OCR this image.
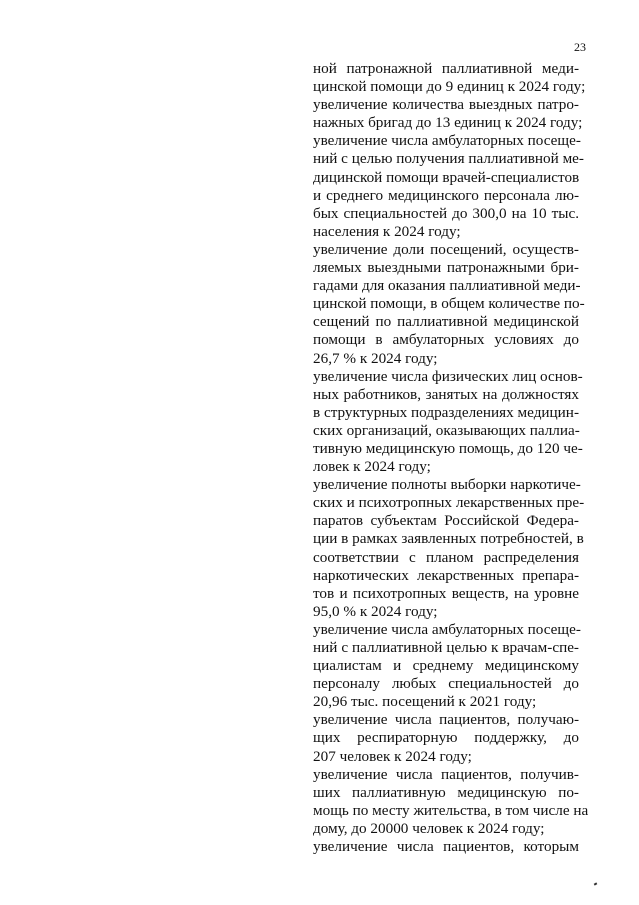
23
ной патронажной паллиативной меди-
цинской помощи до 9 единиц к 2024 году;
увеличение количества выездных патро-
нажных бригад до 13 единиц к 2024 году;
увеличение числа амбулаторных посеще-
ний с целью получения паллиативной ме-
дицинской помощи врачей-специалистов
и среднего медицинского персонала лю-
бых специальностей до 300,0 на 10 тыс.
населения к 2024 году;
увеличение доли посещений, осуществ-
ляемых выездными патронажными бри-
гадами для оказания паллиативной меди-
цинской помощи, в общем количестве по-
сещений по паллиативной медицинской
помощи в амбулаторных условиях до
26,7 % к 2024 году;
увеличение числа физических лиц основ-
ных работников, занятых на должностях
в структурных подразделениях медицин-
ских организаций, оказывающих паллиа-
тивную медицинскую помощь, до 120 че-
ловек к 2024 году;
увеличение полноты выборки наркотиче-
ских и психотропных лекарственных пре-
паратов субъектам Российской Федера-
ции в рамках заявленных потребностей, в
соответствии с планом распределения
наркотических лекарственных препара-
тов и психотропных веществ, на уровне
95,0 % к 2024 году;
увеличение числа амбулаторных посеще-
ний с паллиативной целью к врачам-спе-
циалистам и среднему медицинскому
персоналу любых специальностей до
20,96 тыс. посещений к 2021 году;
увеличение числа пациентов, получаю-
щих респираторную поддержку, до
207 человек к 2024 году;
увеличение числа пациентов, получив-
ших паллиативную медицинскую по-
мощь по месту жительства, в том числе на
дому, до 20000 человек к 2024 году;
увеличение числа пациентов, которым
